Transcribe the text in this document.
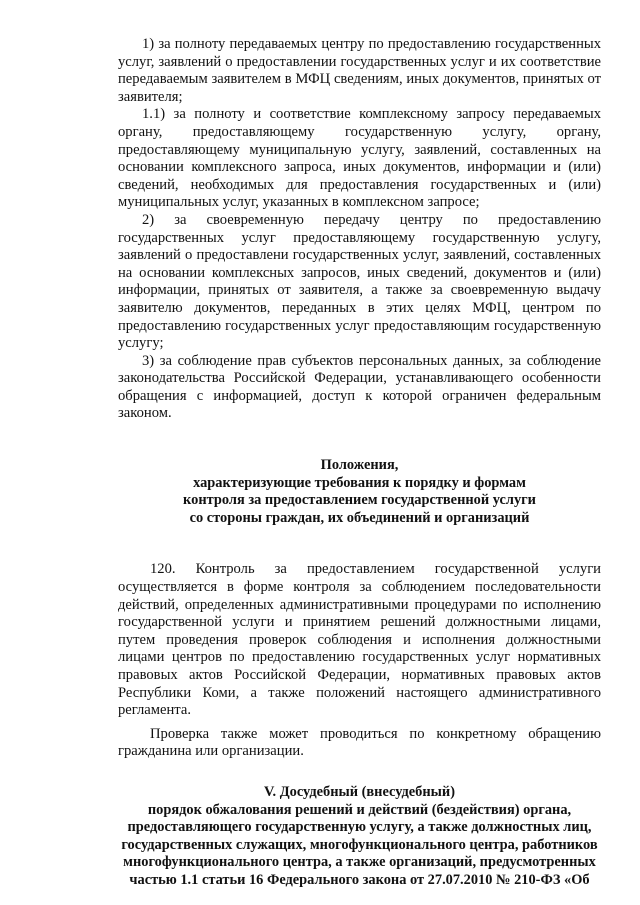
1) за полноту передаваемых центру по предоставлению государственных услуг, заявлений о предоставлении государственных услуг и их соответствие передаваемым заявителем в МФЦ сведениям, иных документов, принятых от заявителя;

1.1) за полноту и соответствие комплексному запросу передаваемых органу, предоставляющему государственную услугу, органу, предоставляющему муниципальную услугу, заявлений, составленных на основании комплексного запроса, иных документов, информации и (или) сведений, необходимых для предоставления государственных и (или) муниципальных услуг, указанных в комплексном запросе;

2) за своевременную передачу центру по предоставлению государственных услуг предоставляющему государственную услугу, заявлений о предоставлени государственных услуг, заявлений, составленных на основании комплексных запросов, иных сведений, документов и (или) информации, принятых от заявителя, а также за своевременную выдачу заявителю документов, переданных в этих целях МФЦ, центром по предоставлению государственных услуг предоставляющим государственную услугу;

3) за соблюдение прав субъектов персональных данных, за соблюдение законодательства Российской Федерации, устанавливающего особенности обращения с информацией, доступ к которой ограничен федеральным законом.

Положения,
характеризующие требования к порядку и формам
контроля за предоставлением государственной услуги
со стороны граждан, их объединений и организаций

120. Контроль за предоставлением государственной услуги осуществляется в форме контроля за соблюдением последовательности действий, определенных административными процедурами по исполнению государственной услуги и принятием решений должностными лицами, путем проведения проверок соблюдения и исполнения должностными лицами центров по предоставлению государственных услуг нормативных правовых актов Российской Федерации, нормативных правовых актов Республики Коми, а также положений настоящего административного регламента.

Проверка также может проводиться по конкретному обращению гражданина или организации.

V. Досудебный (внесудебный)
порядок обжалования решений и действий (бездействия) органа,
предоставляющего государственную услугу, а также должностных лиц,
государственных служащих, многофункционального центра, работников
многофункционального центра, а также организаций, предусмотренных
частью 1.1 статьи 16 Федерального закона от 27.07.2010 № 210-ФЗ «Об
